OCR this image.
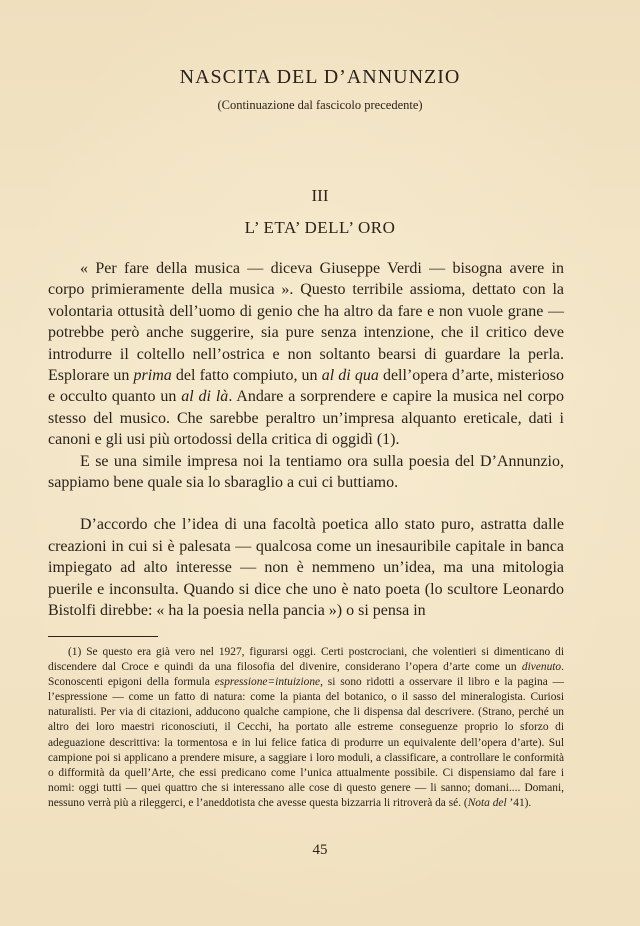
NASCITA DEL D’ANNUNZIO
(Continuazione dal fascicolo precedente)
III
L’ ETA’ DELL’ ORO

« Per fare della musica — diceva Giuseppe Verdi — bisogna avere in corpo primieramente della musica ». Questo terribile assioma, dettato con la volontaria ottusità dell’uomo di genio che ha altro da fare e non vuole grane — potrebbe però anche suggerire, sia pure senza intenzione, che il critico deve introdurre il coltello nell’ostrica e non soltanto bearsi di guardare la perla. Esplorare un prima del fatto compiuto, un al di qua dell’opera d’arte, misterioso e occulto quanto un al di là. Andare a sorprendere e capire la musica nel corpo stesso del musico. Che sarebbe peraltro un’impresa alquanto ereticale, dati i canoni e gli usi più ortodossi della critica di oggidì (1).

E se una simile impresa noi la tentiamo ora sulla poesia del D’Annunzio, sappiamo bene quale sia lo sbaraglio a cui ci buttiamo.

D’accordo che l’idea di una facoltà poetica allo stato puro, astratta dalle creazioni in cui si è palesata — qualcosa come un inesauribile capitale in banca impiegato ad alto interesse — non è nemmeno un’idea, ma una mitologia puerile e inconsulta. Quando si dice che uno è nato poeta (lo scultore Leonardo Bistolfi direbbe: « ha la poesia nella pancia ») o si pensa in

(1) Se questo era già vero nel 1927, figurarsi oggi. Certi postcrociani, che volentieri si dimenticano di discendere dal Croce e quindi da una filosofia del divenire, considerano l’opera d’arte come un divenuto. Sconoscenti epigoni della formula espressione=intuizione, si sono ridotti a osservare il libro e la pagina — l’espressione — come un fatto di natura: come la pianta del botanico, o il sasso del mineralogista. Curiosi naturalisti. Per via di citazioni, adducono qualche campione, che li dispensa dal descrivere. (Strano, perché un altro dei loro maestri riconosciuti, il Cecchi, ha portato alle estreme conseguenze proprio lo sforzo di adeguazione descrittiva: la tormentosa e in lui felice fatica di produrre un equivalente dell’opera d’arte). Sul campione poi si applicano a prendere misure, a saggiare i loro moduli, a classificare, a controllare le conformità o difformità da quell’Arte, che essi predicano come l’unica attualmente possibile. Ci dispensiamo dal fare i nomi: oggi tutti — quei quattro che si interessano alle cose di questo genere — li sanno; domani.... Domani, nessuno verrà più a rileggerci, e l’aneddotista che avesse questa bizzarria li ritroverà da sé. (Nota del ’41).

45
